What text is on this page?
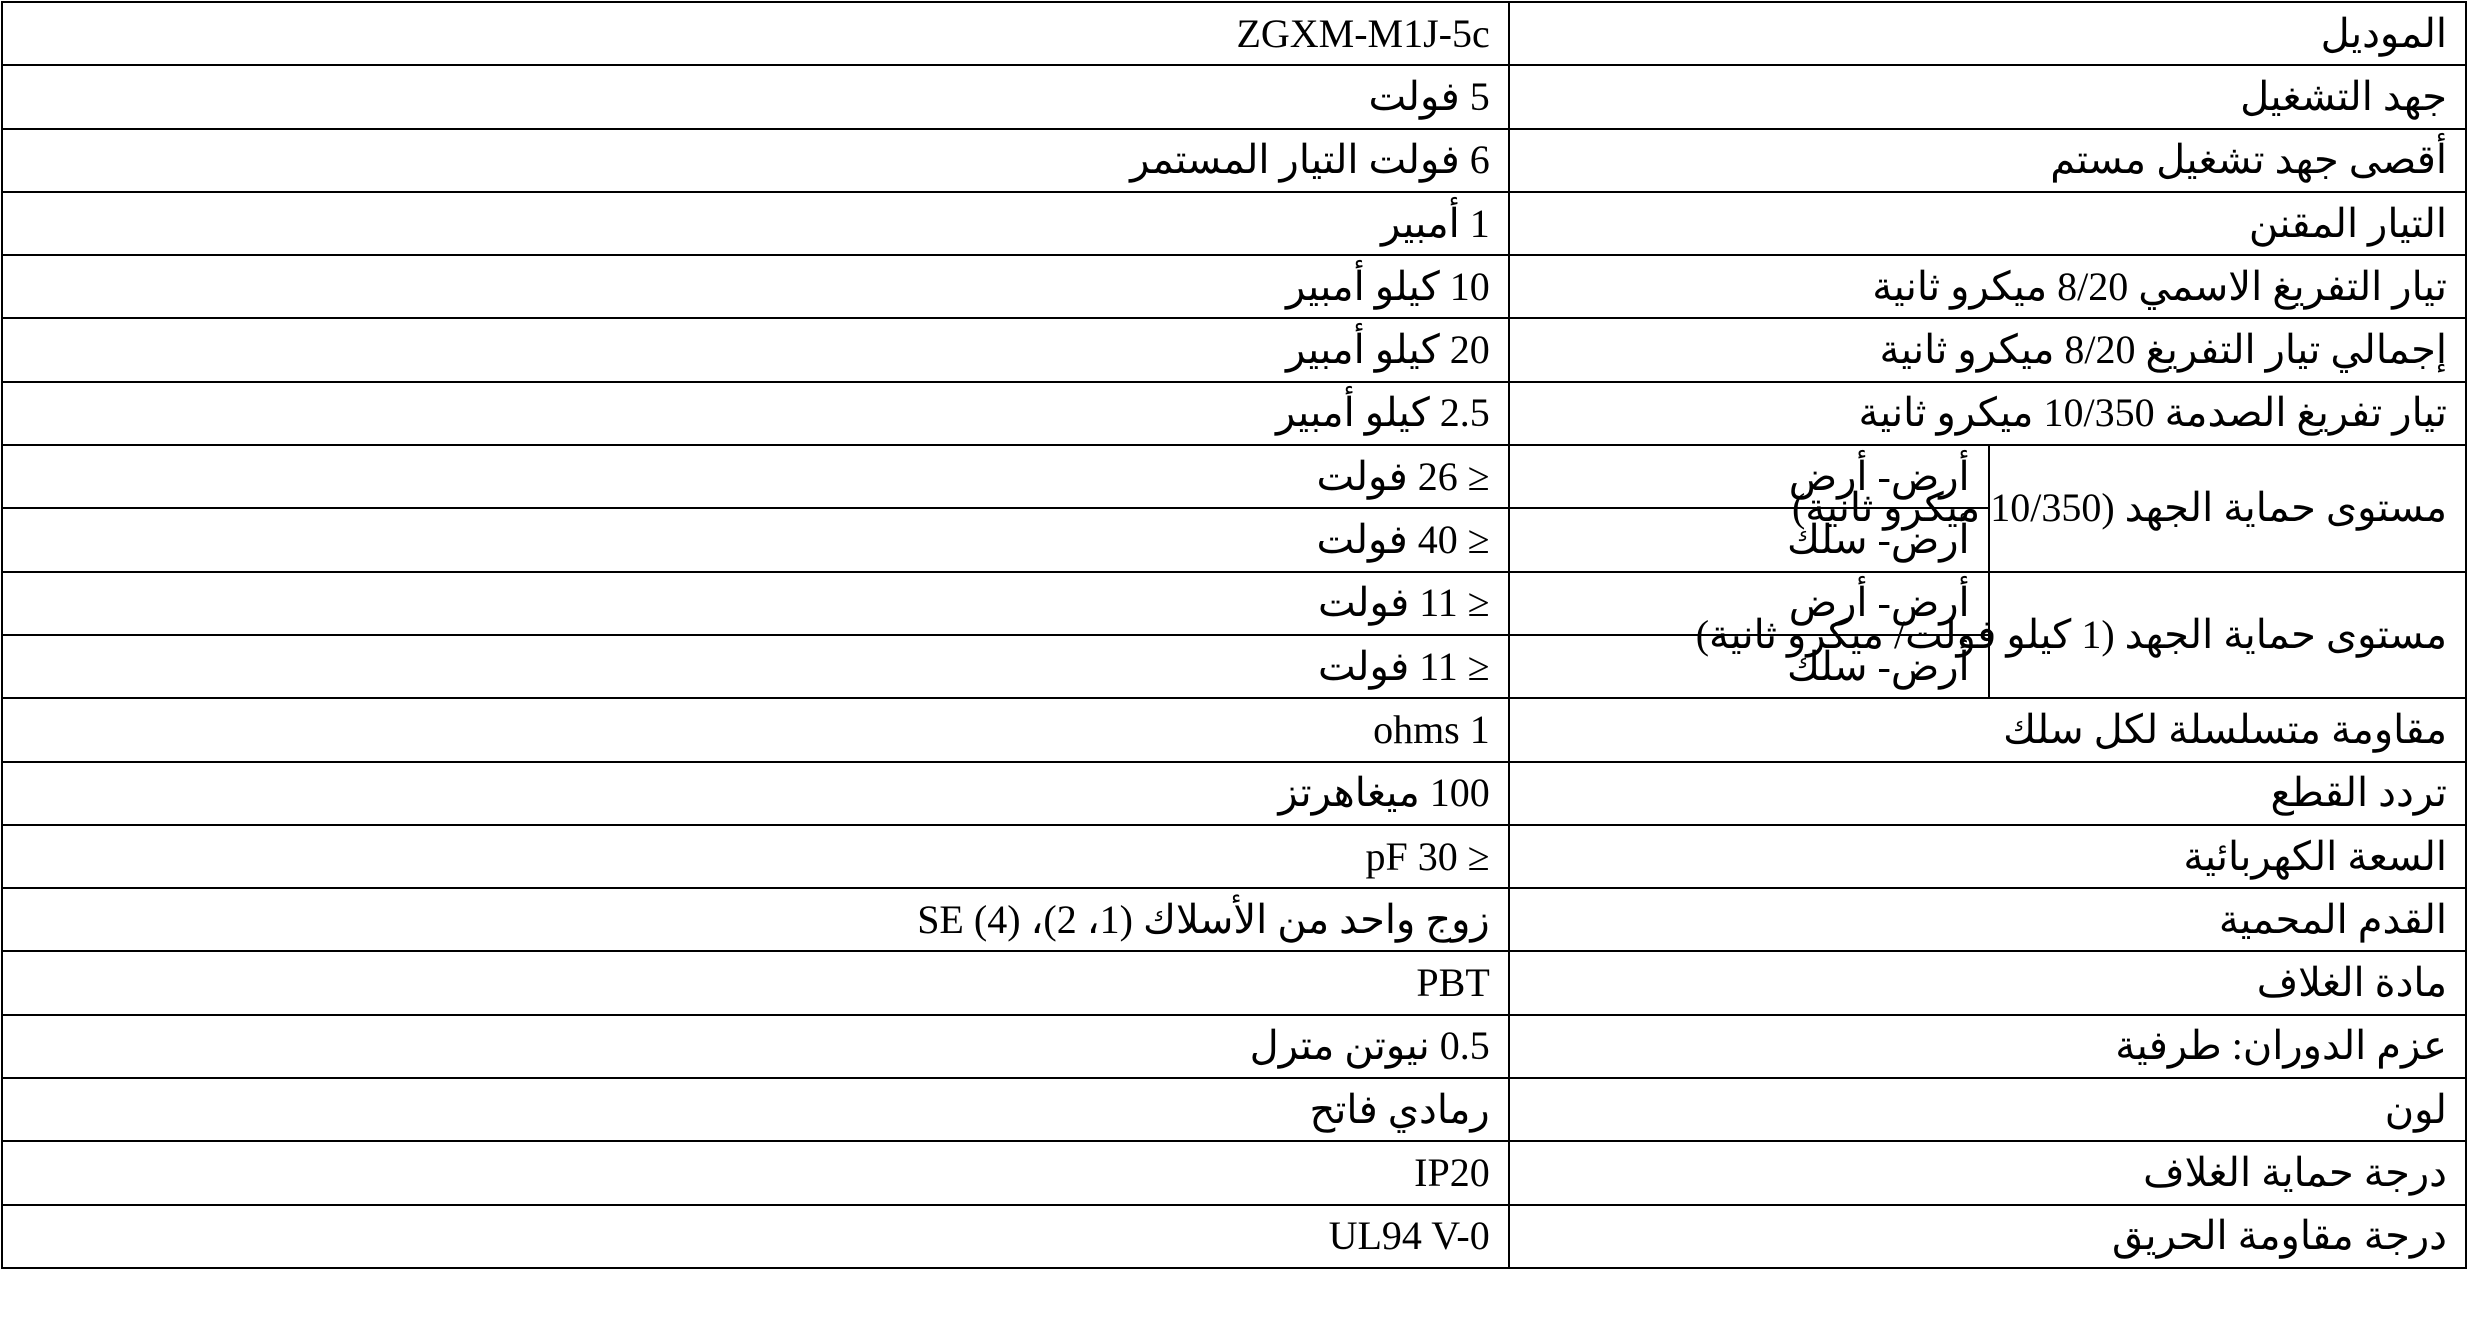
الموديل		ZGXM-M1J-5c
جهد التشغيل		5 فولت
أقصى جهد تشغيل مستم		6 فولت التيار المستمر
التيار المقنن		1 أمبير
تيار التفريغ الاسمي 8/20 ميكرو ثانية		10 كيلو أمبير
إجمالي تيار التفريغ 8/20 ميكرو ثانية		20 كيلو أمبير
تيار تفريغ الصدمة 10/350 ميكرو ثانية		2.5 كيلو أمبير
مستوى حماية الجهد (10/350 ميكرو ثانية)	أرض- أرض	≤ 26 فولت
	أرض- سلك	≤ 40 فولت
مستوى حماية الجهد (1 كيلو فولت/ ميكرو ثانية)	أرض- أرض	≤ 11 فولت
	أرض- سلك	≤ 11 فولت
مقاومة متسلسلة لكل سلك		1 ohms
تردد القطع		100 ميغاهرتز
السعة الكهربائية		≤ 30 pF
القدم المحمية		زوج واحد من الأسلاك (1، 2)، SE (4)
مادة الغلاف		PBT
عزم الدوران: طرفية		0.5 نيوتن مترل
لون		رمادي فاتح
درجة حماية الغلاف		IP20
درجة مقاومة الحريق		UL94 V-0
